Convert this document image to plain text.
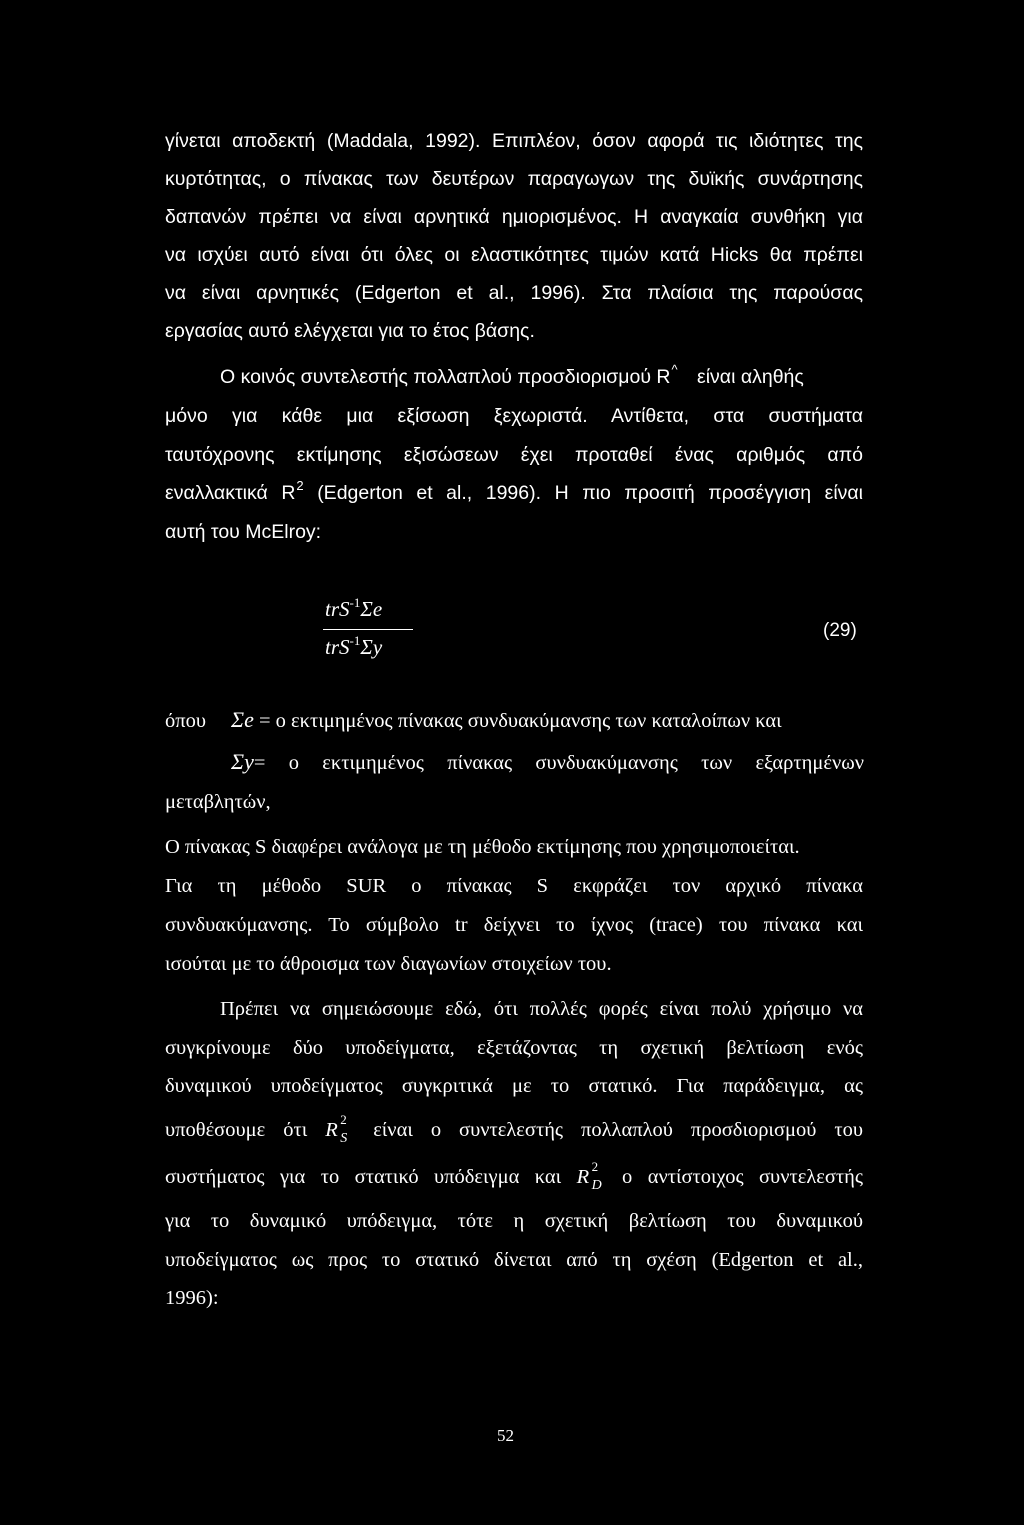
γίνεται αποδεκτή (Maddala, 1992). Επιπλέον, όσον αφορά τις ιδιότητες της
κυρτότητας, ο πίνακας των δευτέρων παραγωγων της δυϊκής συνάρτησης
δαπανών πρέπει να είναι αρνητικά ημιορισμένος. Η αναγκαία συνθήκη για
να ισχύει αυτό είναι ότι όλες οι ελαστικότητες τιμών κατά Hicks θα πρέπει
να είναι αρνητικές (Edgerton et al., 1996). Στα πλαίσια της παρούσας
εργασίας αυτό ελέγχεται για το έτος βάσης.
Ο κοινός συντελεστής πολλαπλού προσδιορισμού R^ είναι αληθής
μόνο για κάθε μια εξίσωση ξεχωριστά. Αντίθετα, στα συστήματα
ταυτόχρονης εκτίμησης εξισώσεων έχει προταθεί ένας αριθμός από
εναλλακτικά $R^2$ (Edgerton et al., 1996). Η πιο προσιτή προσέγγιση είναι
αυτή του McElroy:
trS$^{-1}$Σe
trS$^{-1}$Σy
(29)
όπου Σe = ο εκτιμημένος πίνακας συνδυακύμανσης των καταλοίπων και
Σy= ο εκτιμημένος πίνακας συνδυακύμανσης των εξαρτημένων
μεταβλητών,
Ο πίνακας S διαφέρει ανάλογα με τη μέθοδο εκτίμησης που χρησιμοποιείται.
Για τη μέθοδο SUR ο πίνακας S εκφράζει τον αρχικό πίνακα
συνδυακύμανσης. Το σύμβολο tr δείχνει το ίχνος (trace) του πίνακα και
ισούται με το άθροισμα των διαγωνίων στοιχείων του.
Πρέπει να σημειώσουμε εδώ, ότι πολλές φορές είναι πολύ χρήσιμο να
συγκρίνουμε δύο υποδείγματα, εξετάζοντας τη σχετική βελτίωση ενός
δυναμικού υποδείγματος συγκριτικά με το στατικό. Για παράδειγμα, ας
υποθέσουμε ότι R 2
S είναι ο συντελεστής πολλαπλού προσδιορισμού του
συστήματος για το στατικό υπόδειγμα και R 2
D ο αντίστοιχος συντελεστής
για το δυναμικό υπόδειγμα, τότε η σχετική βελτίωση του δυναμικού
υποδείγματος ως προς το στατικό δίνεται από τη σχέση (Edgerton et al.,
1996):
52
